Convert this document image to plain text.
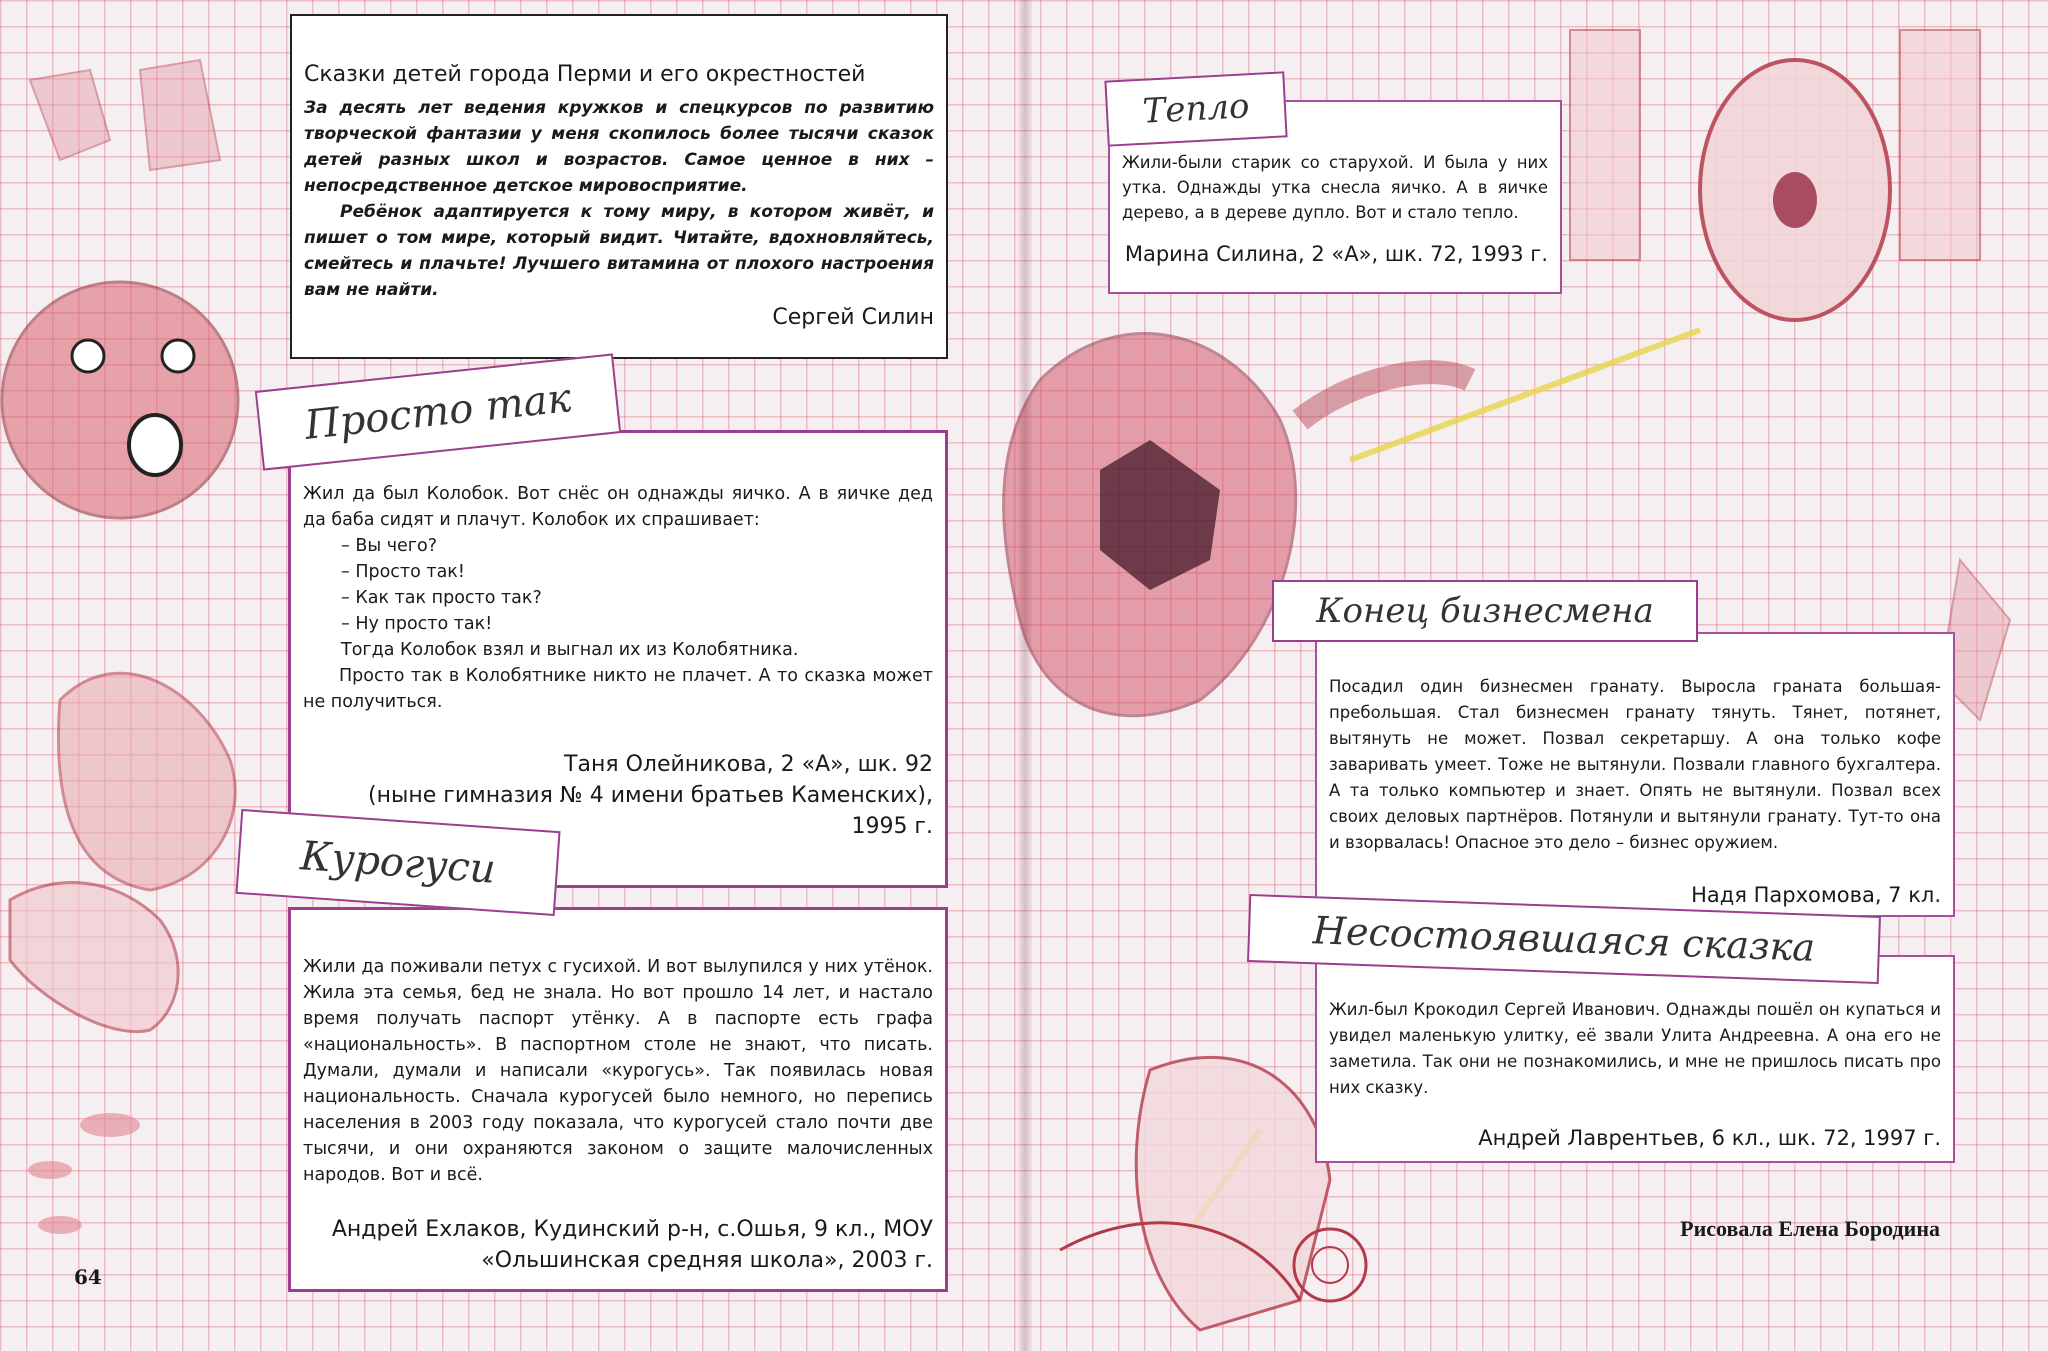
Сказки детей города Перми и его окрестностей

За десять лет ведения кружков и спецкурсов по развитию творческой фантазии у меня скопилось более тысячи сказок детей разных школ и возрастов. Самое ценное в них – непосредственное детское мировосприятие.

Ребёнок адаптируется к тому миру, в котором живёт, и пишет о том мире, который видит. Читайте, вдохновляйтесь, смейтесь и плачьте! Лучшего витамина от плохого настроения вам не найти.

Сергей Силин

Жил да был Колобок. Вот снёс он однажды яичко. А в яичке дед да баба сидят и плачут. Колобок их спрашивает:

– Вы чего?

– Просто так!

– Как так просто так?

– Ну просто так!

Тогда Колобок взял и выгнал их из Колобятника.

Просто так в Колобятнике никто не плачет. А то сказка может не получиться.

Таня Олейникова, 2 «А», шк. 92
(ныне гимназия № 4 имени братьев Каменских),
1995 г.
Просто так

Жили да поживали петух с гусихой. И вот вылупился у них утёнок. Жила эта семья, бед не знала. Но вот прошло 14 лет, и настало время получать паспорт утёнку. А в паспорте есть графа «национальность». В паспортном столе не знают, что писать. Думали, думали и написали «курогусь». Так появилась новая национальность. Сначала курогусей было немного, но перепись населения в 2003 году показала, что курогусей стало почти две тысячи, и они охраняются законом о защите малочисленных народов. Вот и всё.

Андрей Ехлаков, Кудинский р-н, с.Ошья, 9 кл., МОУ
«Ольшинская средняя школа», 2003 г.
Курогуси

Жили-были старик со старухой. И была у них утка. Однажды утка снесла яичко. А в яичке дерево, а в дереве дупло. Вот и стало тепло.

Марина Силина, 2 «А», шк. 72, 1993 г.
Тепло

Посадил один бизнесмен гранату. Выросла граната большая-пребольшая. Стал бизнесмен гранату тянуть. Тянет, потянет, вытянуть не может. Позвал секретаршу. А она только кофе заваривать умеет. Тоже не вытянули. Позвали главного бухгалтера. А та только компьютер и знает. Опять не вытянули. Позвал всех своих деловых партнёров. Потянули и вытянули гранату. Тут-то она и взорвалась! Опасное это дело – бизнес оружием.

Надя Пархомова, 7 кл.
Конец бизнесмена

Жил-был Крокодил Сергей Иванович. Однажды пошёл он купаться и увидел маленькую улитку, её звали Улита Андреевна. А она его не заметила. Так они не познакомились, и мне не пришлось писать про них сказку.

Андрей Лаврентьев, 6 кл., шк. 72, 1997 г.
Несостоявшаяся сказка
64
Рисовала Елена Бородина
